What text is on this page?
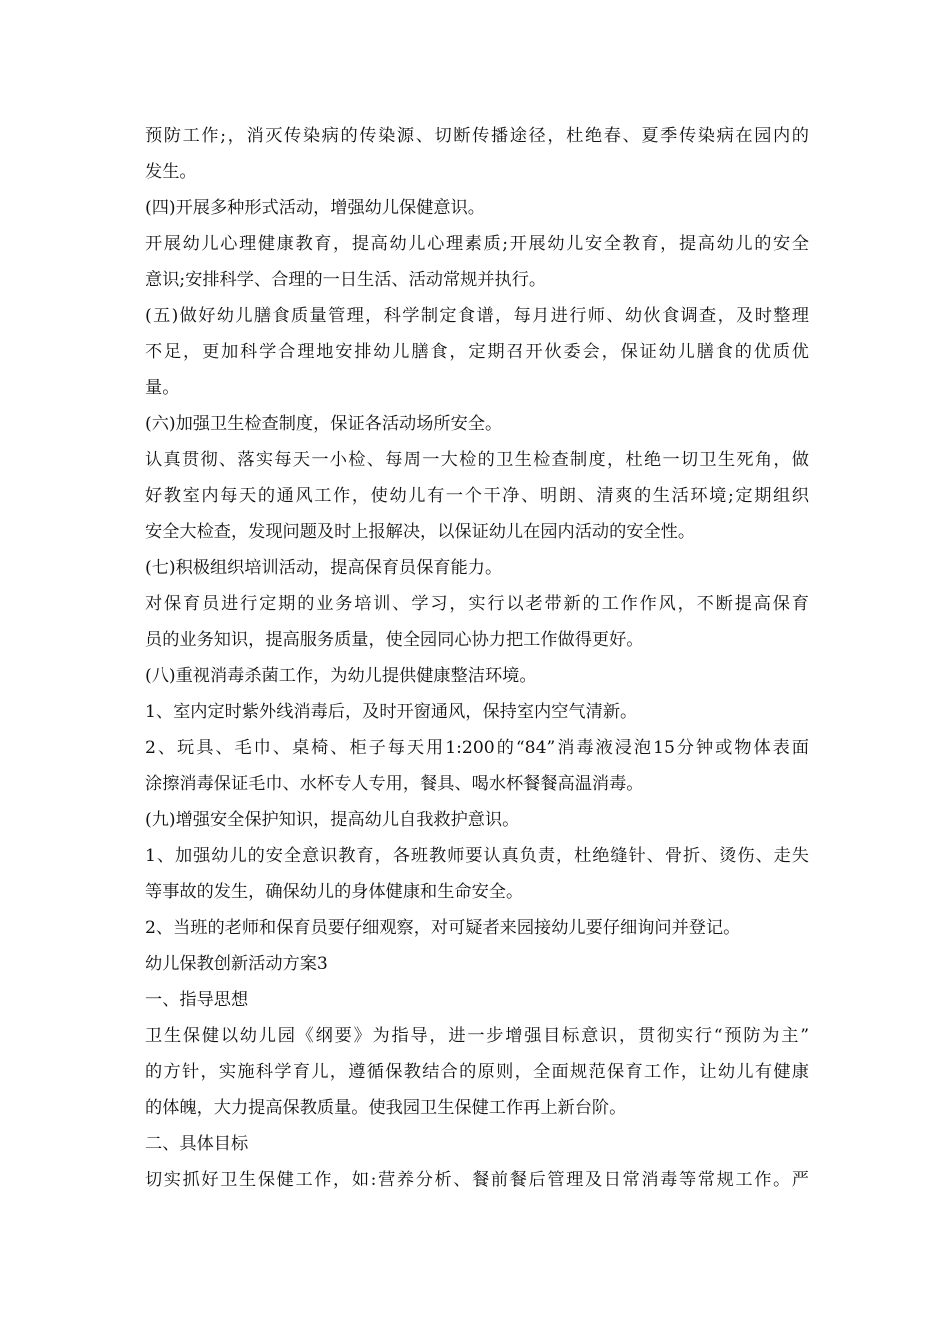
预防工作;，消灭传染病的传染源、切断传播途径，杜绝春、夏季传染病在园内的
发生。
(四)开展多种形式活动，增强幼儿保健意识。
开展幼儿心理健康教育，提高幼儿心理素质;开展幼儿安全教育，提高幼儿的安全
意识;安排科学、合理的一日生活、活动常规并执行。
(五)做好幼儿膳食质量管理，科学制定食谱，每月进行师、幼伙食调查，及时整理
不足，更加科学合理地安排幼儿膳食，定期召开伙委会，保证幼儿膳食的优质优
量。
(六)加强卫生检查制度，保证各活动场所安全。
认真贯彻、落实每天一小检、每周一大检的卫生检查制度，杜绝一切卫生死角，做
好教室内每天的通风工作，使幼儿有一个干净、明朗、清爽的生活环境;定期组织
安全大检查，发现问题及时上报解决，以保证幼儿在园内活动的安全性。
(七)积极组织培训活动，提高保育员保育能力。
对保育员进行定期的业务培训、学习，实行以老带新的工作作风，不断提高保育
员的业务知识，提高服务质量，使全园同心协力把工作做得更好。
(八)重视消毒杀菌工作，为幼儿提供健康整洁环境。
1、室内定时紫外线消毒后，及时开窗通风，保持室内空气清新。
2、玩具、毛巾、桌椅、柜子每天用1:200的“84”消毒液浸泡15分钟或物体表面
涂擦消毒保证毛巾、水杯专人专用，餐具、喝水杯餐餐高温消毒。
(九)增强安全保护知识，提高幼儿自我救护意识。
1、加强幼儿的安全意识教育，各班教师要认真负责，杜绝缝针、骨折、烫伤、走失
等事故的发生，确保幼儿的身体健康和生命安全。
2、当班的老师和保育员要仔细观察，对可疑者来园接幼儿要仔细询问并登记。
幼儿保教创新活动方案3
一、指导思想
卫生保健以幼儿园《纲要》为指导，进一步增强目标意识，贯彻实行“预防为主”
的方针，实施科学育儿，遵循保教结合的原则，全面规范保育工作，让幼儿有健康
的体魄，大力提高保教质量。使我园卫生保健工作再上新台阶。
二、具体目标
切实抓好卫生保健工作，如:营养分析、餐前餐后管理及日常消毒等常规工作。严
